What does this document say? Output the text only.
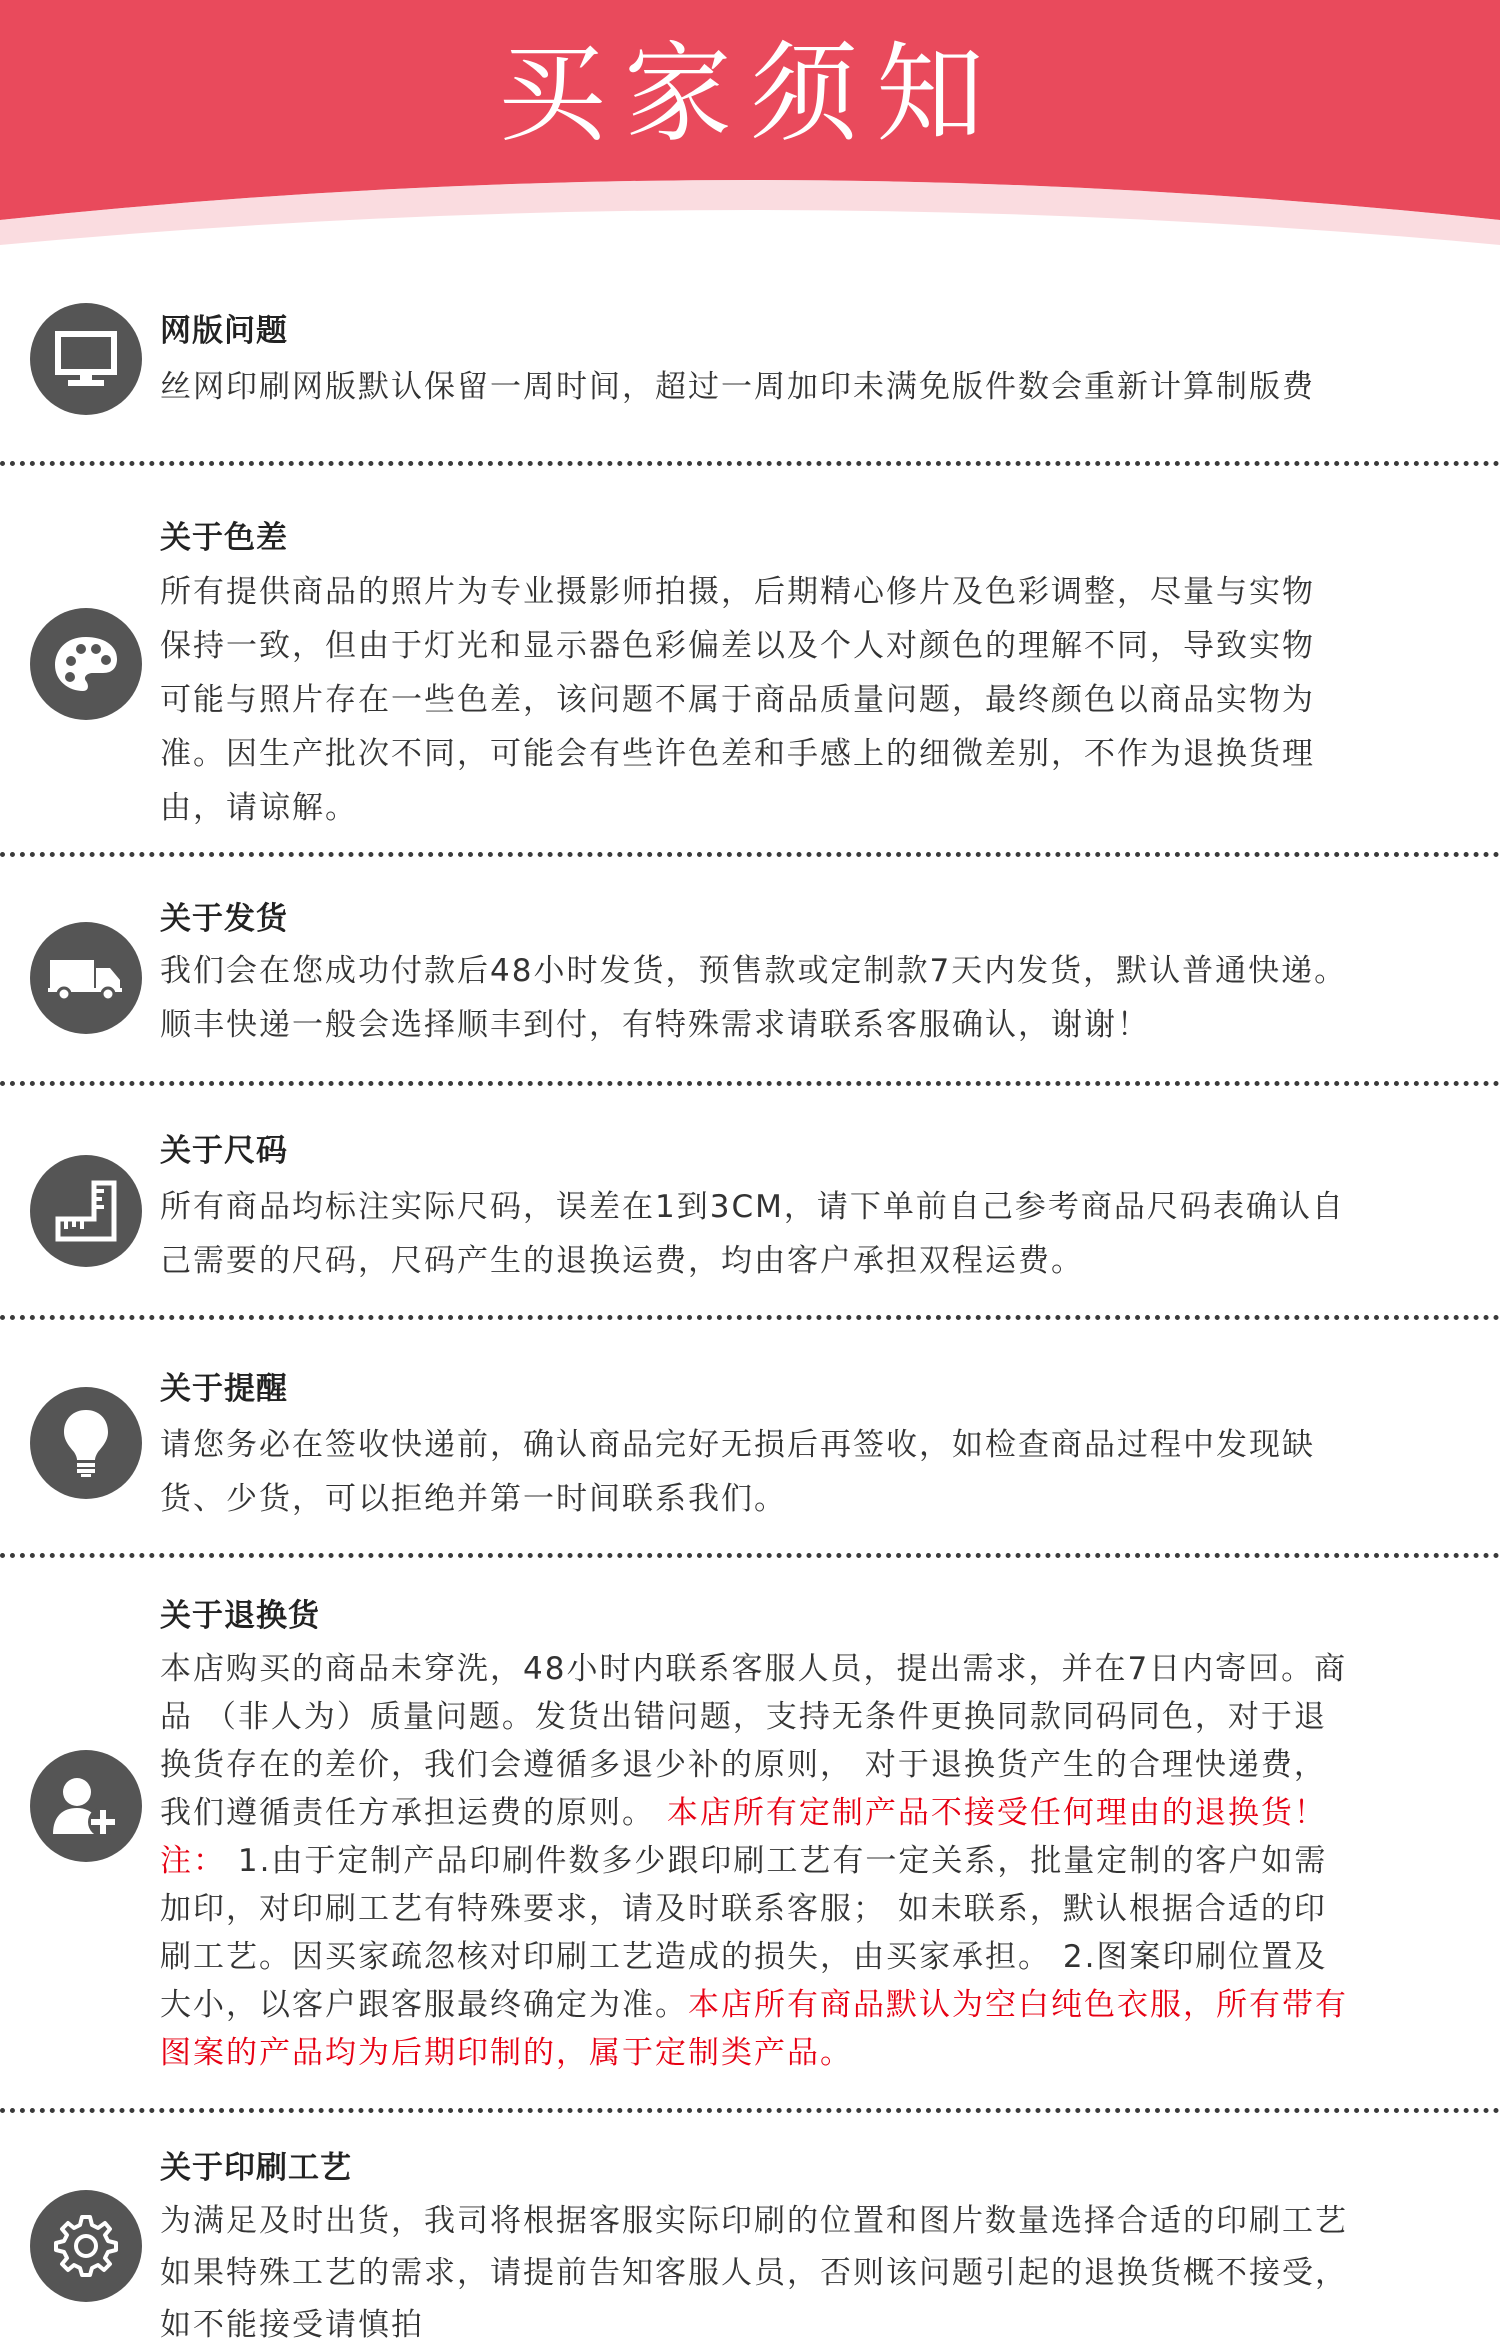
买家须知
网版问题
丝网印刷网版默认保留一周时间，超过一周加印未满免版件数会重新计算制版费
关于色差
所有提供商品的照片为专业摄影师拍摄，后期精心修片及色彩调整，尽量与实物
保持一致，但由于灯光和显示器色彩偏差以及个人对颜色的理解不同，导致实物
可能与照片存在一些色差，该问题不属于商品质量问题，最终颜色以商品实物为
准。因生产批次不同，可能会有些许色差和手感上的细微差别，不作为退换货理
由，请谅解。
关于发货
我们会在您成功付款后48小时发货，预售款或定制款7天内发货，默认普通快递。
顺丰快递一般会选择顺丰到付，有特殊需求请联系客服确认，谢谢！
关于尺码
所有商品均标注实际尺码，误差在1到3CM，请下单前自己参考商品尺码表确认自
己需要的尺码，尺码产生的退换运费，均由客户承担双程运费。
关于提醒
请您务必在签收快递前，确认商品完好无损后再签收，如检查商品过程中发现缺
货、少货，可以拒绝并第一时间联系我们。
关于退换货
本店购买的商品未穿洗，48小时内联系客服人员，提出需求，并在7日内寄回。商
品 （非人为）质量问题。发货出错问题，支持无条件更换同款同码同色，对于退
换货存在的差价，我们会遵循多退少补的原则， 对于退换货产生的合理快递费，
我们遵循责任方承担运费的原则。 本店所有定制产品不接受任何理由的退换货！
注： 1.由于定制产品印刷件数多少跟印刷工艺有一定关系，批量定制的客户如需
加印，对印刷工艺有特殊要求，请及时联系客服； 如未联系，默认根据合适的印
刷工艺。因买家疏忽核对印刷工艺造成的损失，由买家承担。 2.图案印刷位置及
大小，以客户跟客服最终确定为准。本店所有商品默认为空白纯色衣服，所有带有
图案的产品均为后期印制的，属于定制类产品。
关于印刷工艺
为满足及时出货，我司将根据客服实际印刷的位置和图片数量选择合适的印刷工艺
如果特殊工艺的需求，请提前告知客服人员，否则该问题引起的退换货概不接受，
如不能接受请慎拍
